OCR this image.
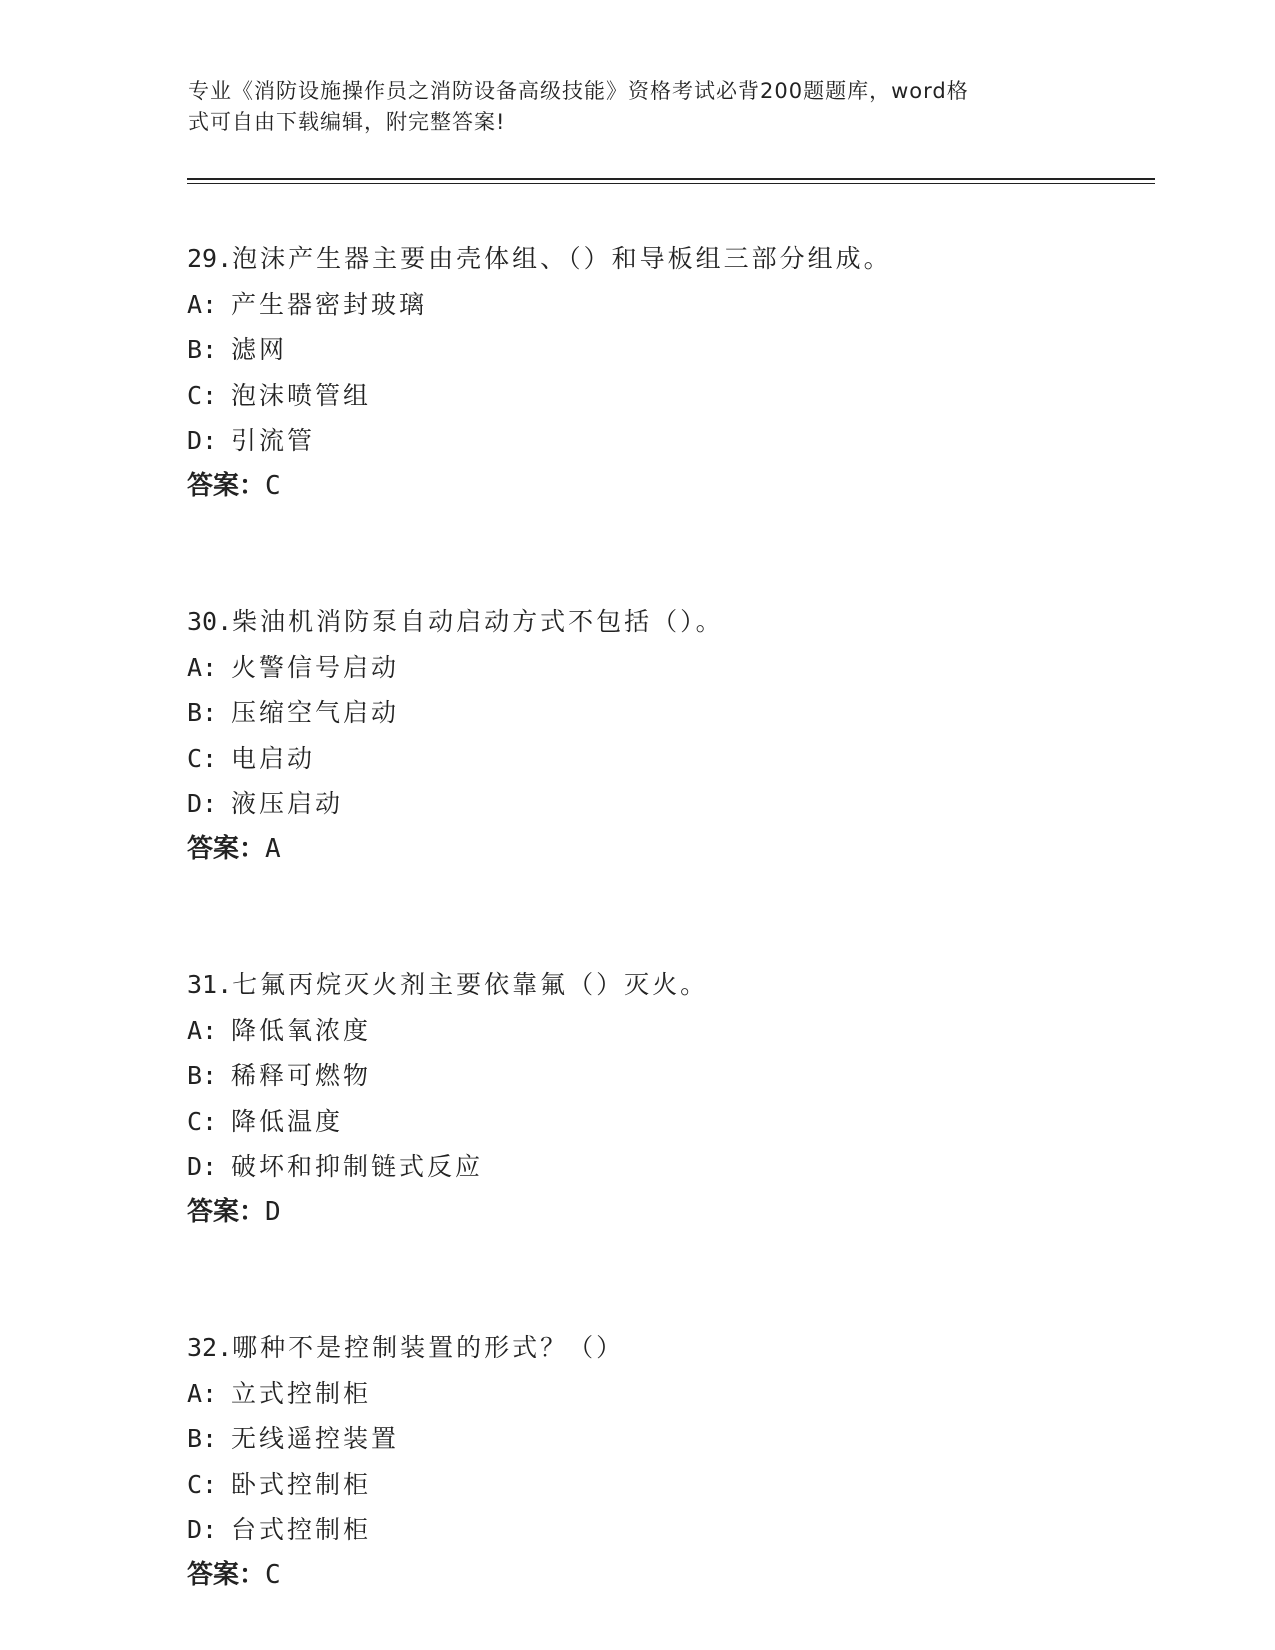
专业《消防设施操作员之消防设备高级技能》资格考试必背200题题库，word格
式可自由下载编辑，附完整答案!
29.泡沫产生器主要由壳体组、（）和导板组三部分组成。
A: 产生器密封玻璃
B: 滤网
C: 泡沫喷管组
D: 引流管
答案：C
30.柴油机消防泵自动启动方式不包括（）。
A: 火警信号启动
B: 压缩空气启动
C: 电启动
D: 液压启动
答案：A
31.七氟丙烷灭火剂主要依靠氟（）灭火。
A: 降低氧浓度
B: 稀释可燃物
C: 降低温度
D: 破坏和抑制链式反应
答案：D
32.哪种不是控制装置的形式？（）
A: 立式控制柜
B: 无线遥控装置
C: 卧式控制柜
D: 台式控制柜
答案：C
